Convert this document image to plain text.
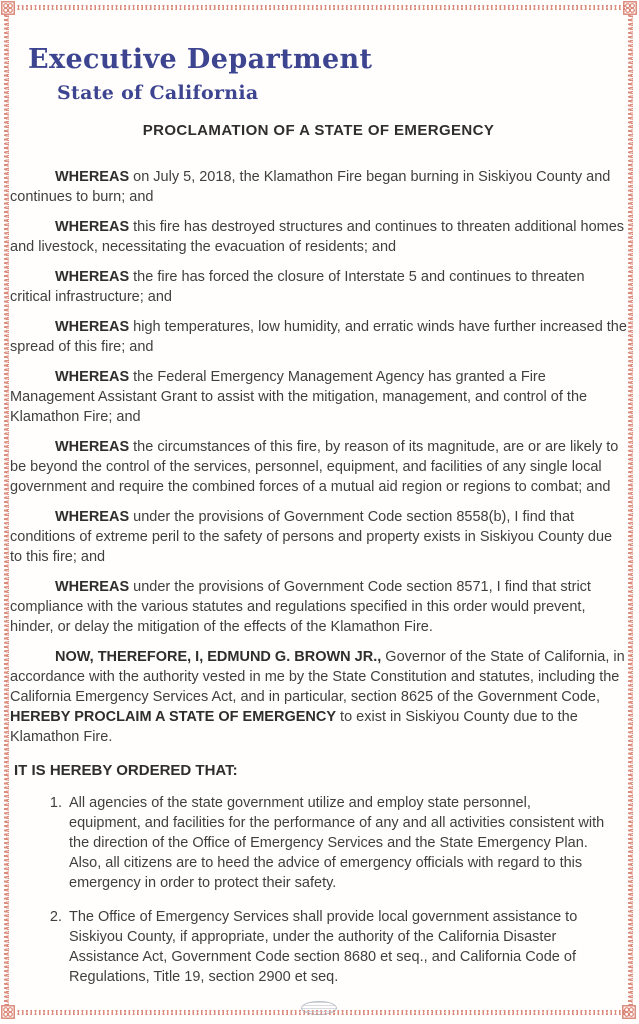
Executive Department
State of California
PROCLAMATION OF A STATE OF EMERGENCY

WHEREAS on July 5, 2018, the Klamathon Fire began burning in Siskiyou County and continues to burn; and

WHEREAS this fire has destroyed structures and continues to threaten additional homes and livestock, necessitating the evacuation of residents; and

WHEREAS the fire has forced the closure of Interstate 5 and continues to threaten critical infrastructure; and

WHEREAS high temperatures, low humidity, and erratic winds have further increased the spread of this fire; and

WHEREAS the Federal Emergency Management Agency has granted a Fire Management Assistant Grant to assist with the mitigation, management, and control of the Klamathon Fire; and

WHEREAS the circumstances of this fire, by reason of its magnitude, are or are likely to be beyond the control of the services, personnel, equipment, and facilities of any single local government and require the combined forces of a mutual aid region or regions to combat; and

WHEREAS under the provisions of Government Code section 8558(b), I find that conditions of extreme peril to the safety of persons and property exists in Siskiyou County due to this fire; and

WHEREAS under the provisions of Government Code section 8571, I find that strict compliance with the various statutes and regulations specified in this order would prevent, hinder, or delay the mitigation of the effects of the Klamathon Fire.

NOW, THEREFORE, I, EDMUND G. BROWN JR., Governor of the State of California, in accordance with the authority vested in me by the State Constitution and statutes, including the California Emergency Services Act, and in particular, section 8625 of the Government Code, HEREBY PROCLAIM A STATE OF EMERGENCY to exist in Siskiyou County due to the Klamathon Fire.

IT IS HEREBY ORDERED THAT:
1. All agencies of the state government utilize and employ state personnel, equipment, and facilities for the performance of any and all activities consistent with the direction of the Office of Emergency Services and the State Emergency Plan. Also, all citizens are to heed the advice of emergency officials with regard to this emergency in order to protect their safety.
2. The Office of Emergency Services shall provide local government assistance to Siskiyou County, if appropriate, under the authority of the California Disaster Assistance Act, Government Code section 8680 et seq., and California Code of Regulations, Title 19, section 2900 et seq.
